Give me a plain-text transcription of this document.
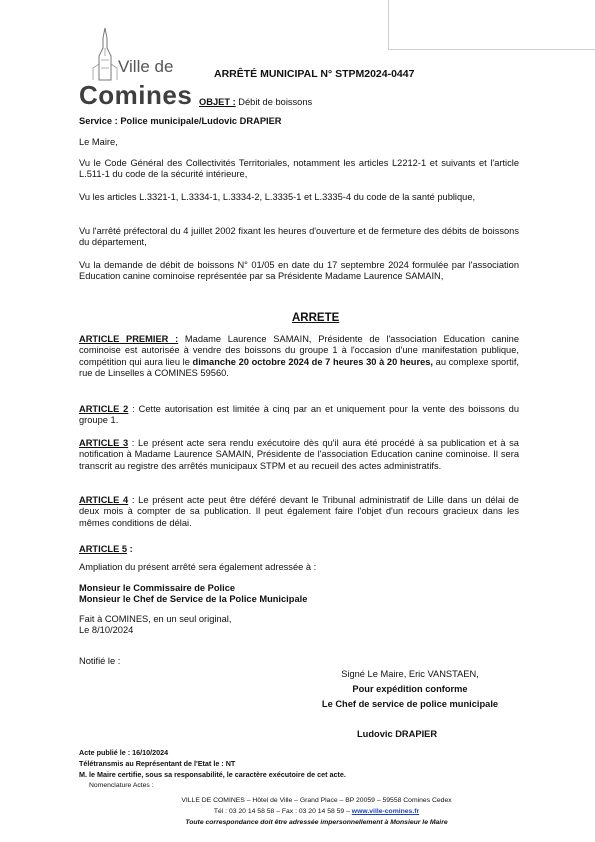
Ville de
Comines
ARRÊTÉ MUNICIPAL N° STPM2024-0447
OBJET : Débit de boissons
Service : Police municipale/Ludovic DRAPIER
Le Maire,
Vu le Code Général des Collectivités Territoriales, notamment les articles L2212-1 et suivants et l'article L.511-1 du code de la sécurité intérieure,
Vu les articles L.3321-1, L.3334-1, L.3334-2, L.3335-1 et L.3335-4 du code de la santé publique,
Vu l'arrêté préfectoral du 4 juillet 2002 fixant les heures d'ouverture et de fermeture des débits de boissons du département,
Vu la demande de débit de boissons N° 01/05 en date du 17 septembre 2024 formulée par l'association Education canine cominoise représentée par sa Présidente Madame Laurence SAMAIN,
ARRETE
ARTICLE PREMIER : Madame Laurence SAMAIN, Présidente de l'association Education canine cominoise est autorisée à vendre des boissons du groupe 1 à l'occasion d'une manifestation publique, compétition qui aura lieu le dimanche 20 octobre 2024 de 7 heures 30 à 20 heures, au complexe sportif, rue de Linselles à COMINES 59560.
ARTICLE 2 : Cette autorisation est limitée à cinq par an et uniquement pour la vente des boissons du groupe 1.
ARTICLE 3 : Le présent acte sera rendu exécutoire dès qu'il aura été procédé à sa publication et à sa notification à Madame Laurence SAMAIN, Présidente de l'association Education canine cominoise. Il sera transcrit au registre des arrêtés municipaux STPM et au recueil des actes administratifs.
ARTICLE 4 : Le présent acte peut être déféré devant le Tribunal administratif de Lille dans un délai de deux mois à compter de sa publication. Il peut également faire l'objet d'un recours gracieux dans les mêmes conditions de délai.
ARTICLE 5 :
Ampliation du présent arrêté sera également adressée à :
Monsieur le Commissaire de Police
Monsieur le Chef de Service de la Police Municipale
Fait à COMINES, en un seul original,
Le 8/10/2024
Notifié le :
Signé Le Maire, Eric VANSTAEN,
Pour expédition conforme
Le Chef de service de police municipale
Ludovic DRAPIER
Acte publié le : 16/10/2024
Télétransmis au Représentant de l'Etat le : NT
M. le Maire certifie, sous sa responsabilité, le caractère exécutoire de cet acte.
Nomenclature Actes :
VILLE DE COMINES – Hôtel de Ville – Grand Place – BP 20059 – 59558 Comines Cedex
Tél : 03 20 14 58 58 – Fax : 03 20 14 58 59 – www.ville-comines.fr
Toute correspondance doit être adressée impersonnellement à Monsieur le Maire
